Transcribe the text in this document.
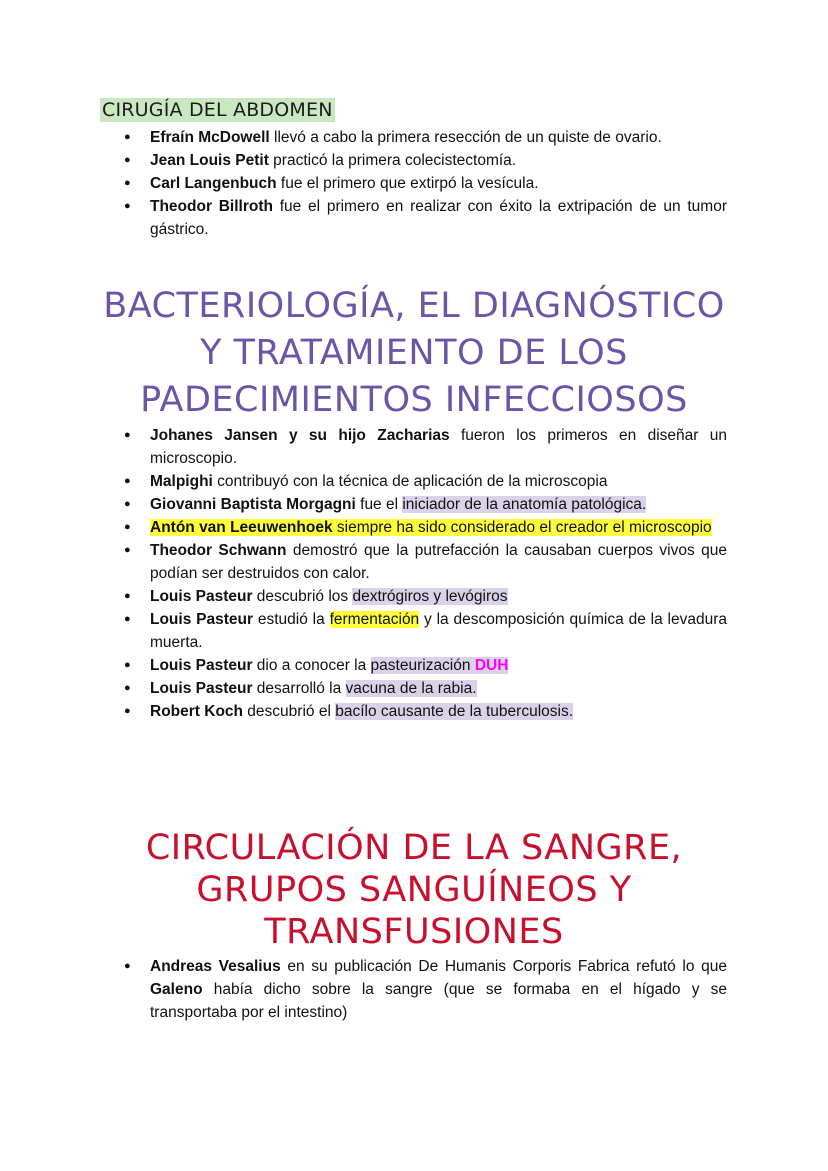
CIRUGÍA DEL ABDOMEN
● Efraín McDowell llevó a cabo la primera resección de un quiste de ovario.
● Jean Louis Petit practicó la primera colecistectomía.
● Carl Langenbuch fue el primero que extirpó la vesícula.
● Theodor Billroth fue el primero en realizar con éxito la extripación de un tumor gástrico.
BACTERIOLOGÍA, EL DIAGNÓSTICO
Y TRATAMIENTO DE LOS
PADECIMIENTOS INFECCIOSOS
● Johanes Jansen y su hijo Zacharias fueron los primeros en diseñar un microscopio.
● Malpighi contribuyó con la técnica de aplicación de la microscopia
● Giovanni Baptista Morgagni fue el iniciador de la anatomía patológica.
● Antón van Leeuwenhoek siempre ha sido considerado el creador el microscopio
● Theodor Schwann demostró que la putrefacción la causaban cuerpos vivos que podían ser destruidos con calor.
● Louis Pasteur descubrió los dextrógiros y levógiros
● Louis Pasteur estudió la fermentación y la descomposición química de la levadura muerta.
● Louis Pasteur dio a conocer la pasteurización DUH
● Louis Pasteur desarrolló la vacuna de la rabia.
● Robert Koch descubrió el bacílo causante de la tuberculosis.
CIRCULACIÓN DE LA SANGRE,
GRUPOS SANGUÍNEOS Y
TRANSFUSIONES
● Andreas Vesalius en su publicación De Humanis Corporis Fabrica refutó lo que Galeno había dicho sobre la sangre (que se formaba en el hígado y se transportaba por el intestino)
